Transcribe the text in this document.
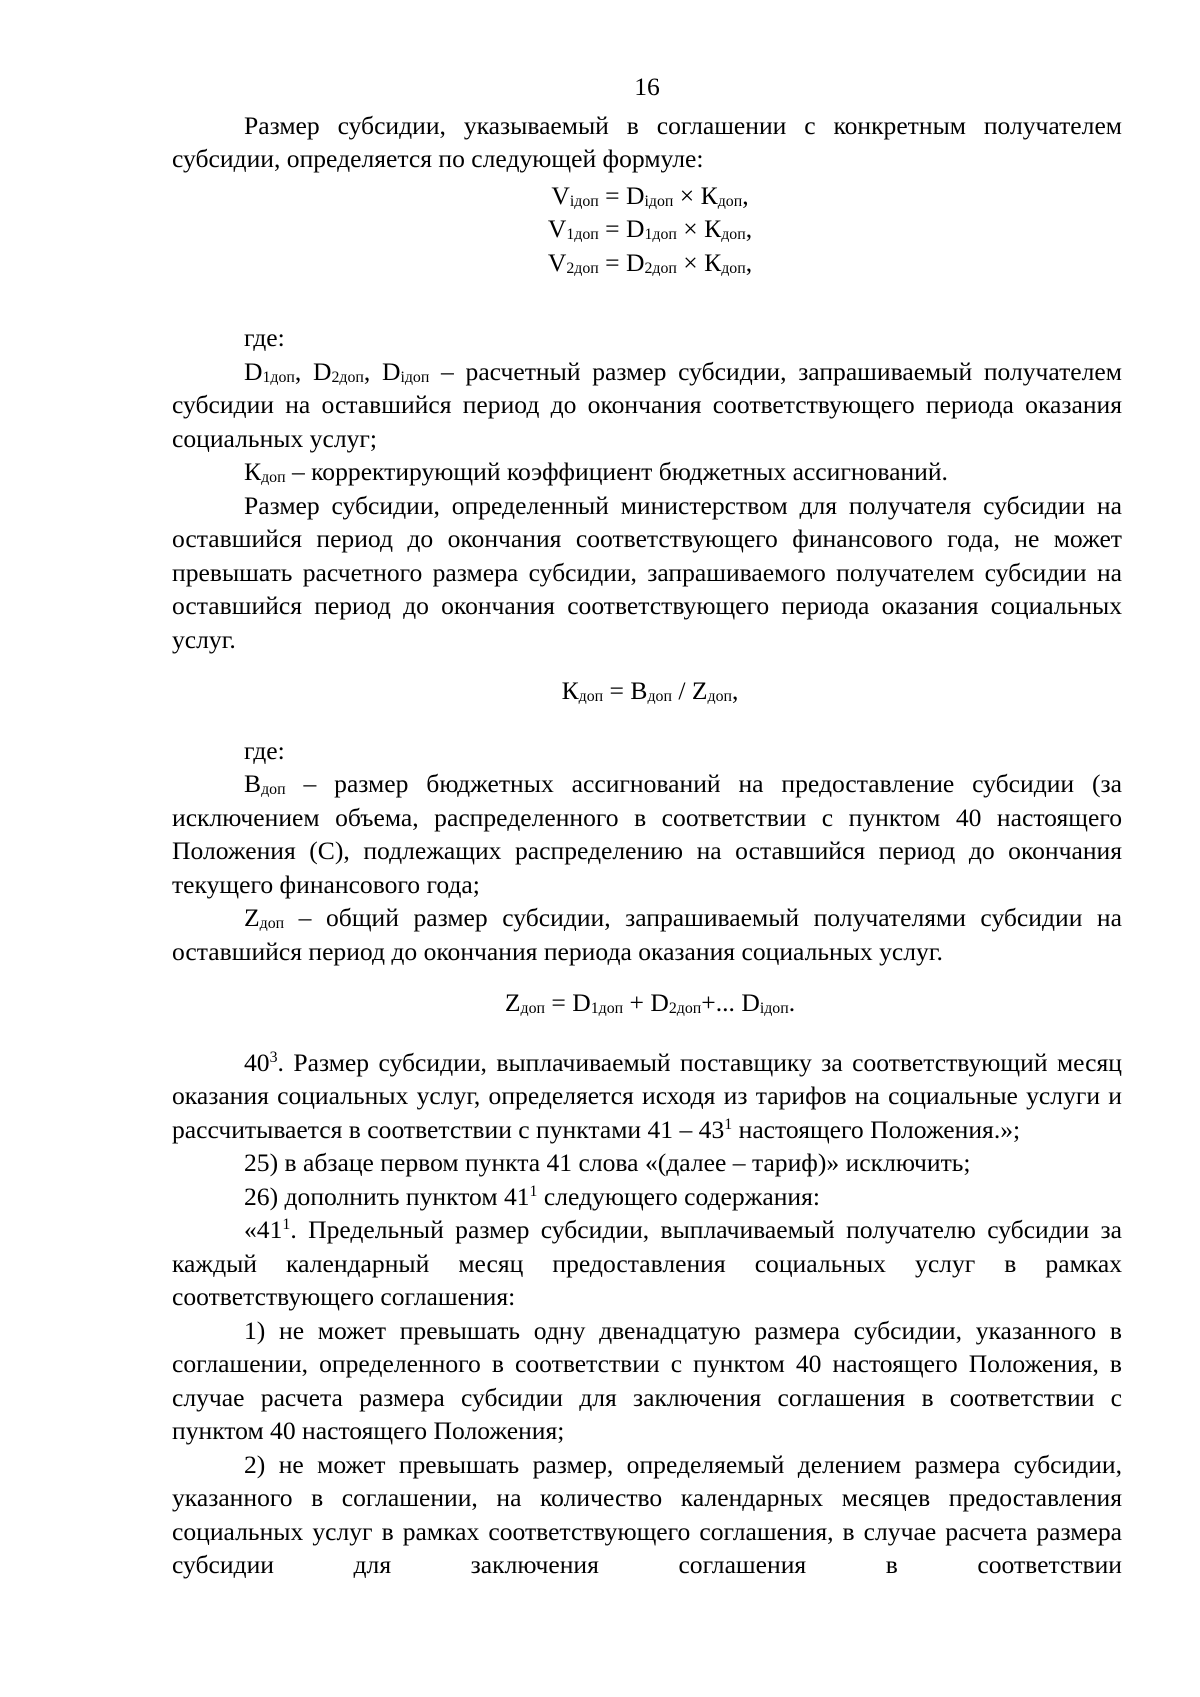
16

Размер субсидии, указываемый в соглашении с конкретным получателем субсидии, определяется по следующей формуле:

$V_{iдоп} = D_{iдоп} \times К_{доп}$,

$V_{1доп} = D_{1доп} \times К_{доп}$,

$V_{2доп} = D_{2доп} \times К_{доп}$,

где:

$D_{1доп}$, $D_{2доп}$, $D_{iдоп}$ – расчетный размер субсидии, запрашиваемый получателем субсидии на оставшийся период до окончания соответствующего периода оказания социальных услуг;

$К_{доп}$ – корректирующий коэффициент бюджетных ассигнований.

Размер субсидии, определенный министерством для получателя субсидии на оставшийся период до окончания соответствующего финансового года, не может превышать расчетного размера субсидии, запрашиваемого получателем субсидии на оставшийся период до окончания соответствующего периода оказания социальных услуг.

$К_{доп} = В_{доп} / Z_{доп}$,

где:

$В_{доп}$ – размер бюджетных ассигнований на предоставление субсидии (за исключением объема, распределенного в соответствии с пунктом 40 настоящего Положения (С), подлежащих распределению на оставшийся период до окончания текущего финансового года;

$Z_{доп}$ – общий размер субсидии, запрашиваемый получателями субсидии на оставшийся период до окончания периода оказания социальных услуг.

$Z_{доп} = D_{1доп} + D_{2доп}+$... $D_{iдоп}$.

$40^3$. Размер субсидии, выплачиваемый поставщику за соответствующий месяц оказания социальных услуг, определяется исходя из тарифов на социальные услуги и рассчитывается в соответствии с пунктами $41 - 43^1$ настоящего Положения.»;

25) в абзаце первом пункта 41 слова «(далее – тариф)» исключить;

26) дополнить пунктом $41^1$ следующего содержания:

«$41^1$. Предельный размер субсидии, выплачиваемый получателю субсидии за каждый календарный месяц предоставления социальных услуг в рамках соответствующего соглашения:

1) не может превышать одну двенадцатую размера субсидии, указанного в соглашении, определенного в соответствии с пунктом 40 настоящего Положения, в случае расчета размера субсидии для заключения соглашения в соответствии с пунктом 40 настоящего Положения;

2) не может превышать размер, определяемый делением размера субсидии, указанного в соглашении, на количество календарных месяцев предоставления социальных услуг в рамках соответствующего соглашения, в случае расчета размера субсидии для заключения соглашения в соответствии
